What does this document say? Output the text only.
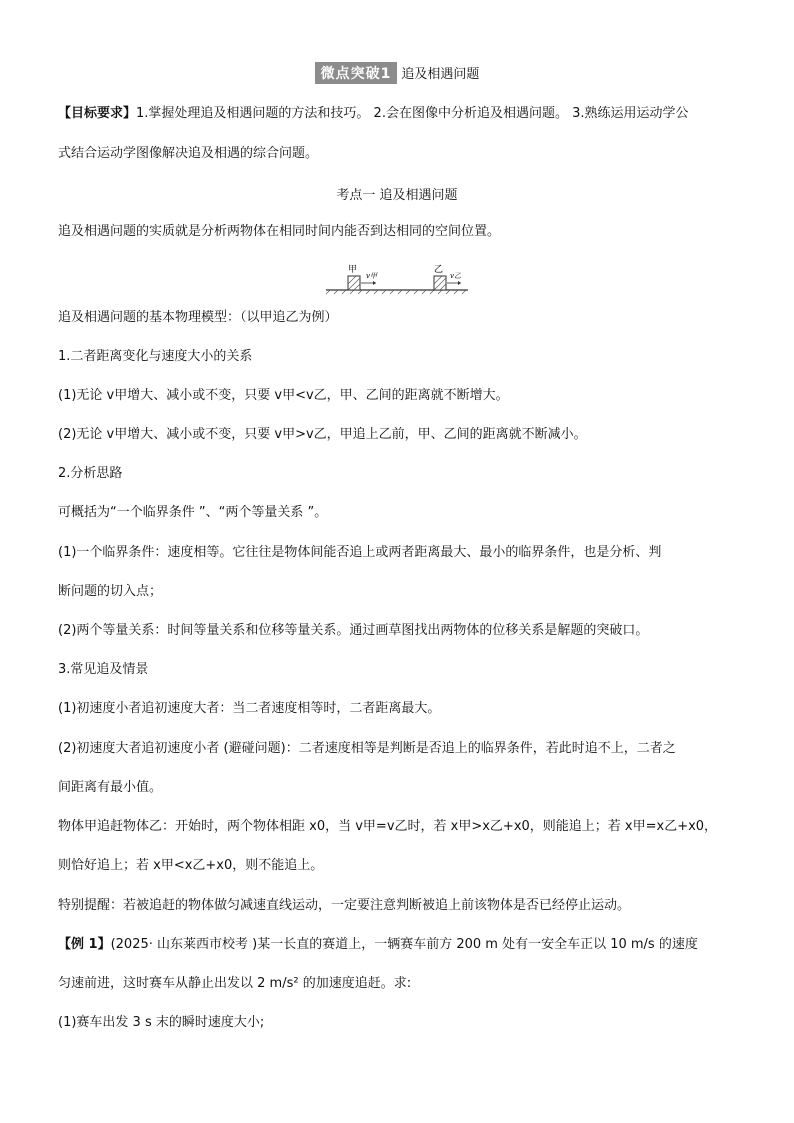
微点突破1 追及相遇问题
【目标要求】1.掌握处理追及相遇问题的方法和技巧。 2.会在图像中分析追及相遇问题。 3.熟练运用运动学公
式结合运动学图像解决追及相遇的综合问题。
考点一 追及相遇问题
追及相遇问题的实质就是分析两物体在相同时间内能否到达相同的空间位置。
甲	乙
v甲	v乙
追及相遇问题的基本物理模型：（以甲追乙为例）
1.二者距离变化与速度大小的关系
(1)无论 v甲增大、减小或不变，只要 v甲<v乙，甲、乙间的距离就不断增大。
(2)无论 v甲增大、减小或不变，只要 v甲>v乙，甲追上乙前，甲、乙间的距离就不断减小。
2.分析思路
可概括为“一个临界条件 ”、“两个等量关系 ”。
(1)一个临界条件：速度相等。它往往是物体间能否追上或两者距离最大、最小的临界条件，也是分析、判
断问题的切入点；
(2)两个等量关系：时间等量关系和位移等量关系。通过画草图找出两物体的位移关系是解题的突破口。
3.常见追及情景
(1)初速度小者追初速度大者：当二者速度相等时，二者距离最大。
(2)初速度大者追初速度小者 (避碰问题)：二者速度相等是判断是否追上的临界条件，若此时追不上，二者之
间距离有最小值。
物体甲追赶物体乙：开始时，两个物体相距 x0，当 v甲=v乙时，若 x甲>x乙+x0，则能追上；若 x甲=x乙+x0，
则恰好追上；若 x甲<x乙+x0，则不能追上。
特别提醒：若被追赶的物体做匀减速直线运动，一定要注意判断被追上前该物体是否已经停止运动。
【例 1】(2025· 山东莱西市校考 )某一长直的赛道上，一辆赛车前方 200 m 处有一安全车正以 10 m/s 的速度
匀速前进，这时赛车从静止出发以 2 m/s² 的加速度追赶。求:
(1)赛车出发 3 s 末的瞬时速度大小;
